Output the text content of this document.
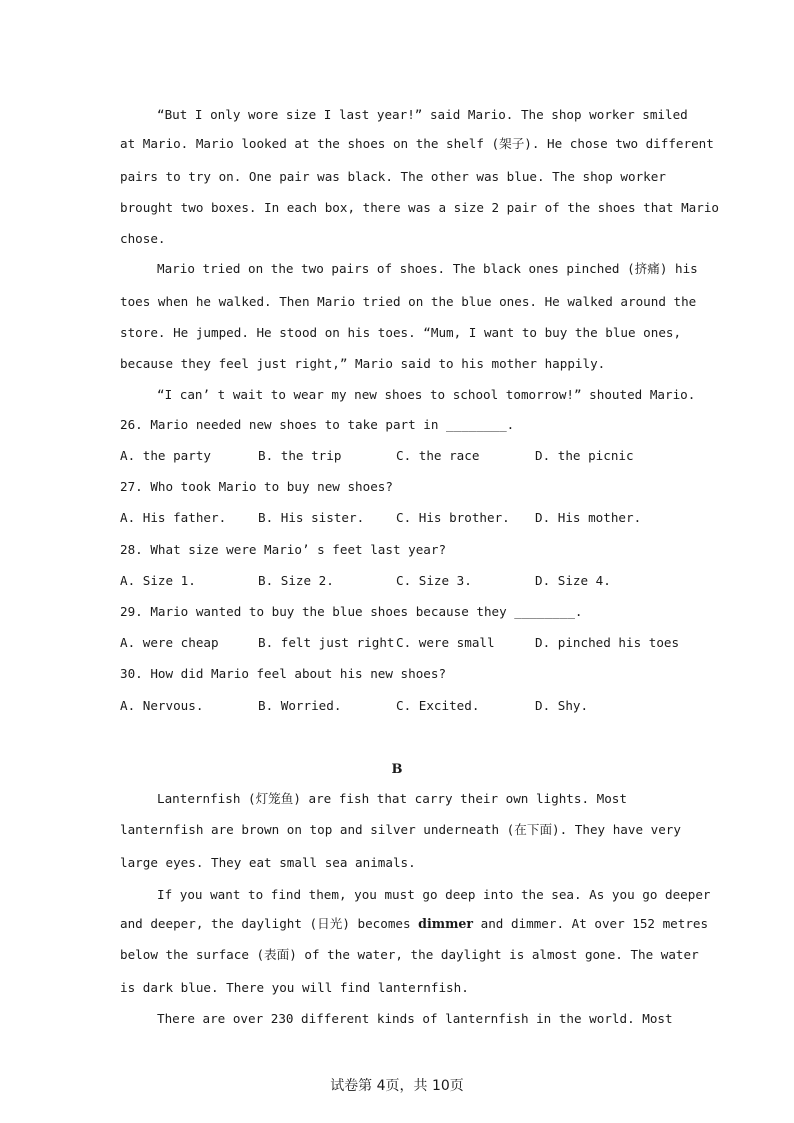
“But I only wore size I last year!” said Mario. The shop worker smiled
at Mario. Mario looked at the shoes on the shelf (架子). He chose two different
pairs to try on. One pair was black. The other was blue. The shop worker
brought two boxes. In each box, there was a size 2 pair of the shoes that Mario
chose.
Mario tried on the two pairs of shoes. The black ones pinched (挤痛) his
toes when he walked. Then Mario tried on the blue ones. He walked around the
store. He jumped. He stood on his toes. “Mum, I want to buy the blue ones,
because they feel just right,” Mario said to his mother happily.
“I can’ t wait to wear my new shoes to school tomorrow!” shouted Mario.
26. Mario needed new shoes to take part in ________.

A. the party

	B. the trip

	C. the race

	D. the picnic

27. Who took Mario to buy new shoes?

A. His father.

	B. His sister.

	C. His brother.

D. His mother.

28. What size were Mario’ s feet last year?

A. Size 1.

	B. Size 2.

	C. Size 3.

	D. Size 4.

29. Mario wanted to buy the blue shoes because they ________.

A. were cheap

	B. felt just right

C. were small

	D. pinched his toes

30. How did Mario feel about his new shoes?

A. Nervous.

	B. Worried.

	C. Excited.

	D. Shy.

B
Lanternfish (灯笼鱼) are fish that carry their own lights. Most
lanternfish are brown on top and silver underneath (在下面). They have very
large eyes. They eat small sea animals.
If you want to find them, you must go deep into the sea. As you go deeper
and deeper, the daylight (日光) becomes dimmer and dimmer. At over 152 metres
below the surface (表面) of the water, the daylight is almost gone. The water
is dark blue. There you will find lanternfish.
There are over 230 different kinds of lanternfish in the world. Most
试卷第 4页，共 10页
